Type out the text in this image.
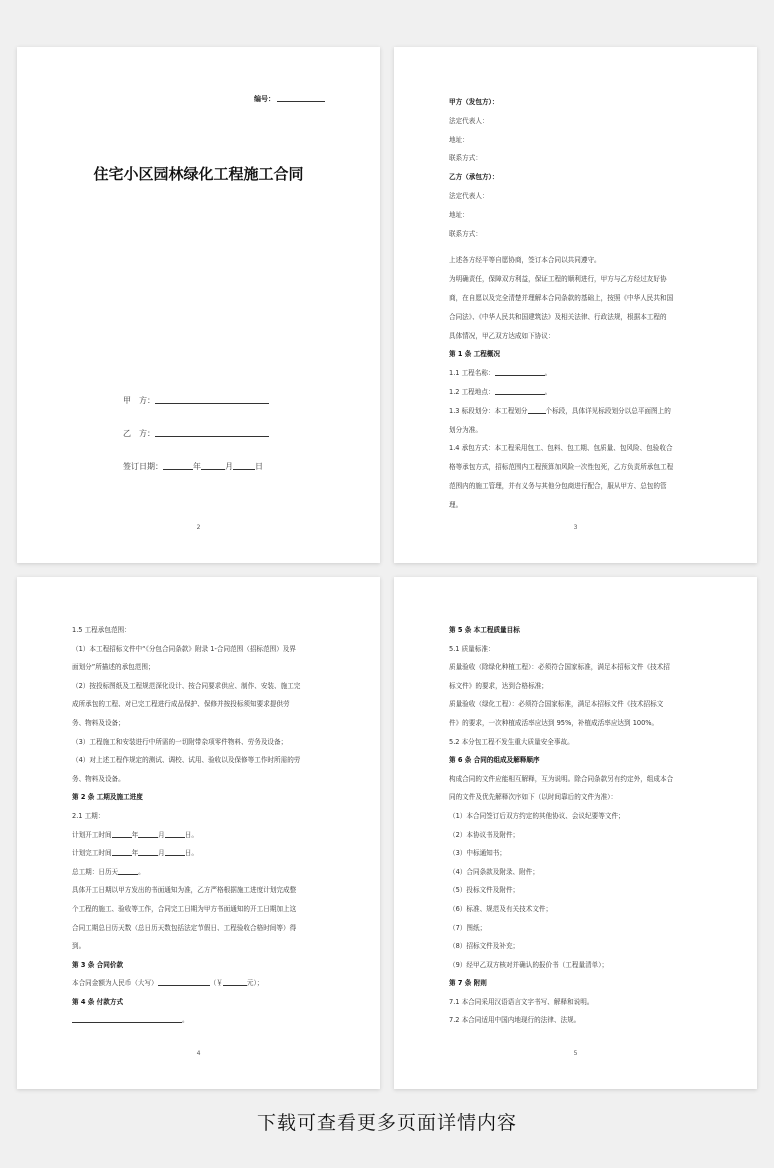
编号：
住宅小区园林绿化工程施工合同
甲　方：
乙　方：
签订日期：	年	月	日
2
甲方（发包方）：
法定代表人：
地址：
联系方式：
乙方（承包方）：
法定代表人：
地址：
联系方式：
上述各方经平等自愿协商，签订本合同以共同遵守。
为明确责任，保障双方利益，保证工程的顺利进行，甲方与乙方经过友好协
商，在自愿以及完全清楚并理解本合同条款的基础上，按照《中华人民共和国
合同法》、《中华人民共和国建筑法》及相关法律、行政法规，根据本工程的
具体情况，甲乙双方达成如下协议：
第 1 条 工程概况
1.1 工程名称：	。
1.2 工程地点：	。
1.3 标段划分：本工程划分	个标段，具体详见标段划分以总平面图上的
划分为准。
1.4 承包方式：本工程采用包工、包料、包工期、包质量、包风险、包验收合
格等承包方式，招标范围内工程预算加风险一次性包死，乙方负责所承包工程
范围内的施工管理，并有义务与其他分包商进行配合，服从甲方、总包的管
理。
3
1.5 工程承包范围：
（1）本工程招标文件中“《分包合同条款》附录 1-合同范围（招标范围）及界
面划分”所描述的承包范围；
（2）按投标图纸及工程规范深化设计、按合同要求供应、制作、安装、施工完
成所承包的工程、对已完工程进行成品保护、保修并按投标须知要求提供劳
务、物料及设备；
（3）工程施工和安装进行中所需的一切附带杂项零件物料、劳务及设备；
（4）对上述工程作规定的测试、调校、试用、验收以及保修等工作时所需的劳
务、物料及设备。
第 2 条 工期及施工进度
2.1 工期：
计划开工时间	年	月	日。
计划完工时间	年	月	日。
总工期：日历天	。
具体开工日期以甲方发出的书面通知为准，乙方严格根据施工进度计划完成整
个工程的施工、验收等工作，合同完工日期为甲方书面通知的开工日期加上这
合同工期总日历天数（总日历天数包括法定节假日、工程验收合格时间等）得
到。
第 3 条 合同价款
本合同金额为人民币（大写）	（￥	元）；
第 4 条 付款方式
。
4
第 5 条 本工程质量目标
5.1 质量标准：
质量验收（除绿化种植工程）：必须符合国家标准，满足本招标文件《技术招
标文件》的要求，达到合格标准；
质量验收（绿化工程）：必须符合国家标准，满足本招标文件《技术招标文
件》的要求，一次种植成活率应达到 95%，补植成活率应达到 100%。
5.2 本分包工程不发生重大质量安全事故。
第 6 条 合同的组成及解释顺序
构成合同的文件应能相互解释，互为说明。除合同条款另有约定外，组成本合
同的文件及优先解释次序如下（以时间靠后的文件为准）：
（1）本合同签订后双方约定的其他协议、会议纪要等文件；
（2）本协议书及附件；
（3）中标通知书；
（4）合同条款及附录、附件；
（5）投标文件及附件；
（6）标准、规范及有关技术文件；
（7）图纸；
（8）招标文件及补充；
（9）经甲乙双方核对并确认的报价书（工程量清单）；
第 7 条 附则
7.1 本合同采用汉语语言文字书写、解释和说明。
7.2 本合同适用中国内地现行的法律、法规。
5
下载可查看更多页面详情内容
